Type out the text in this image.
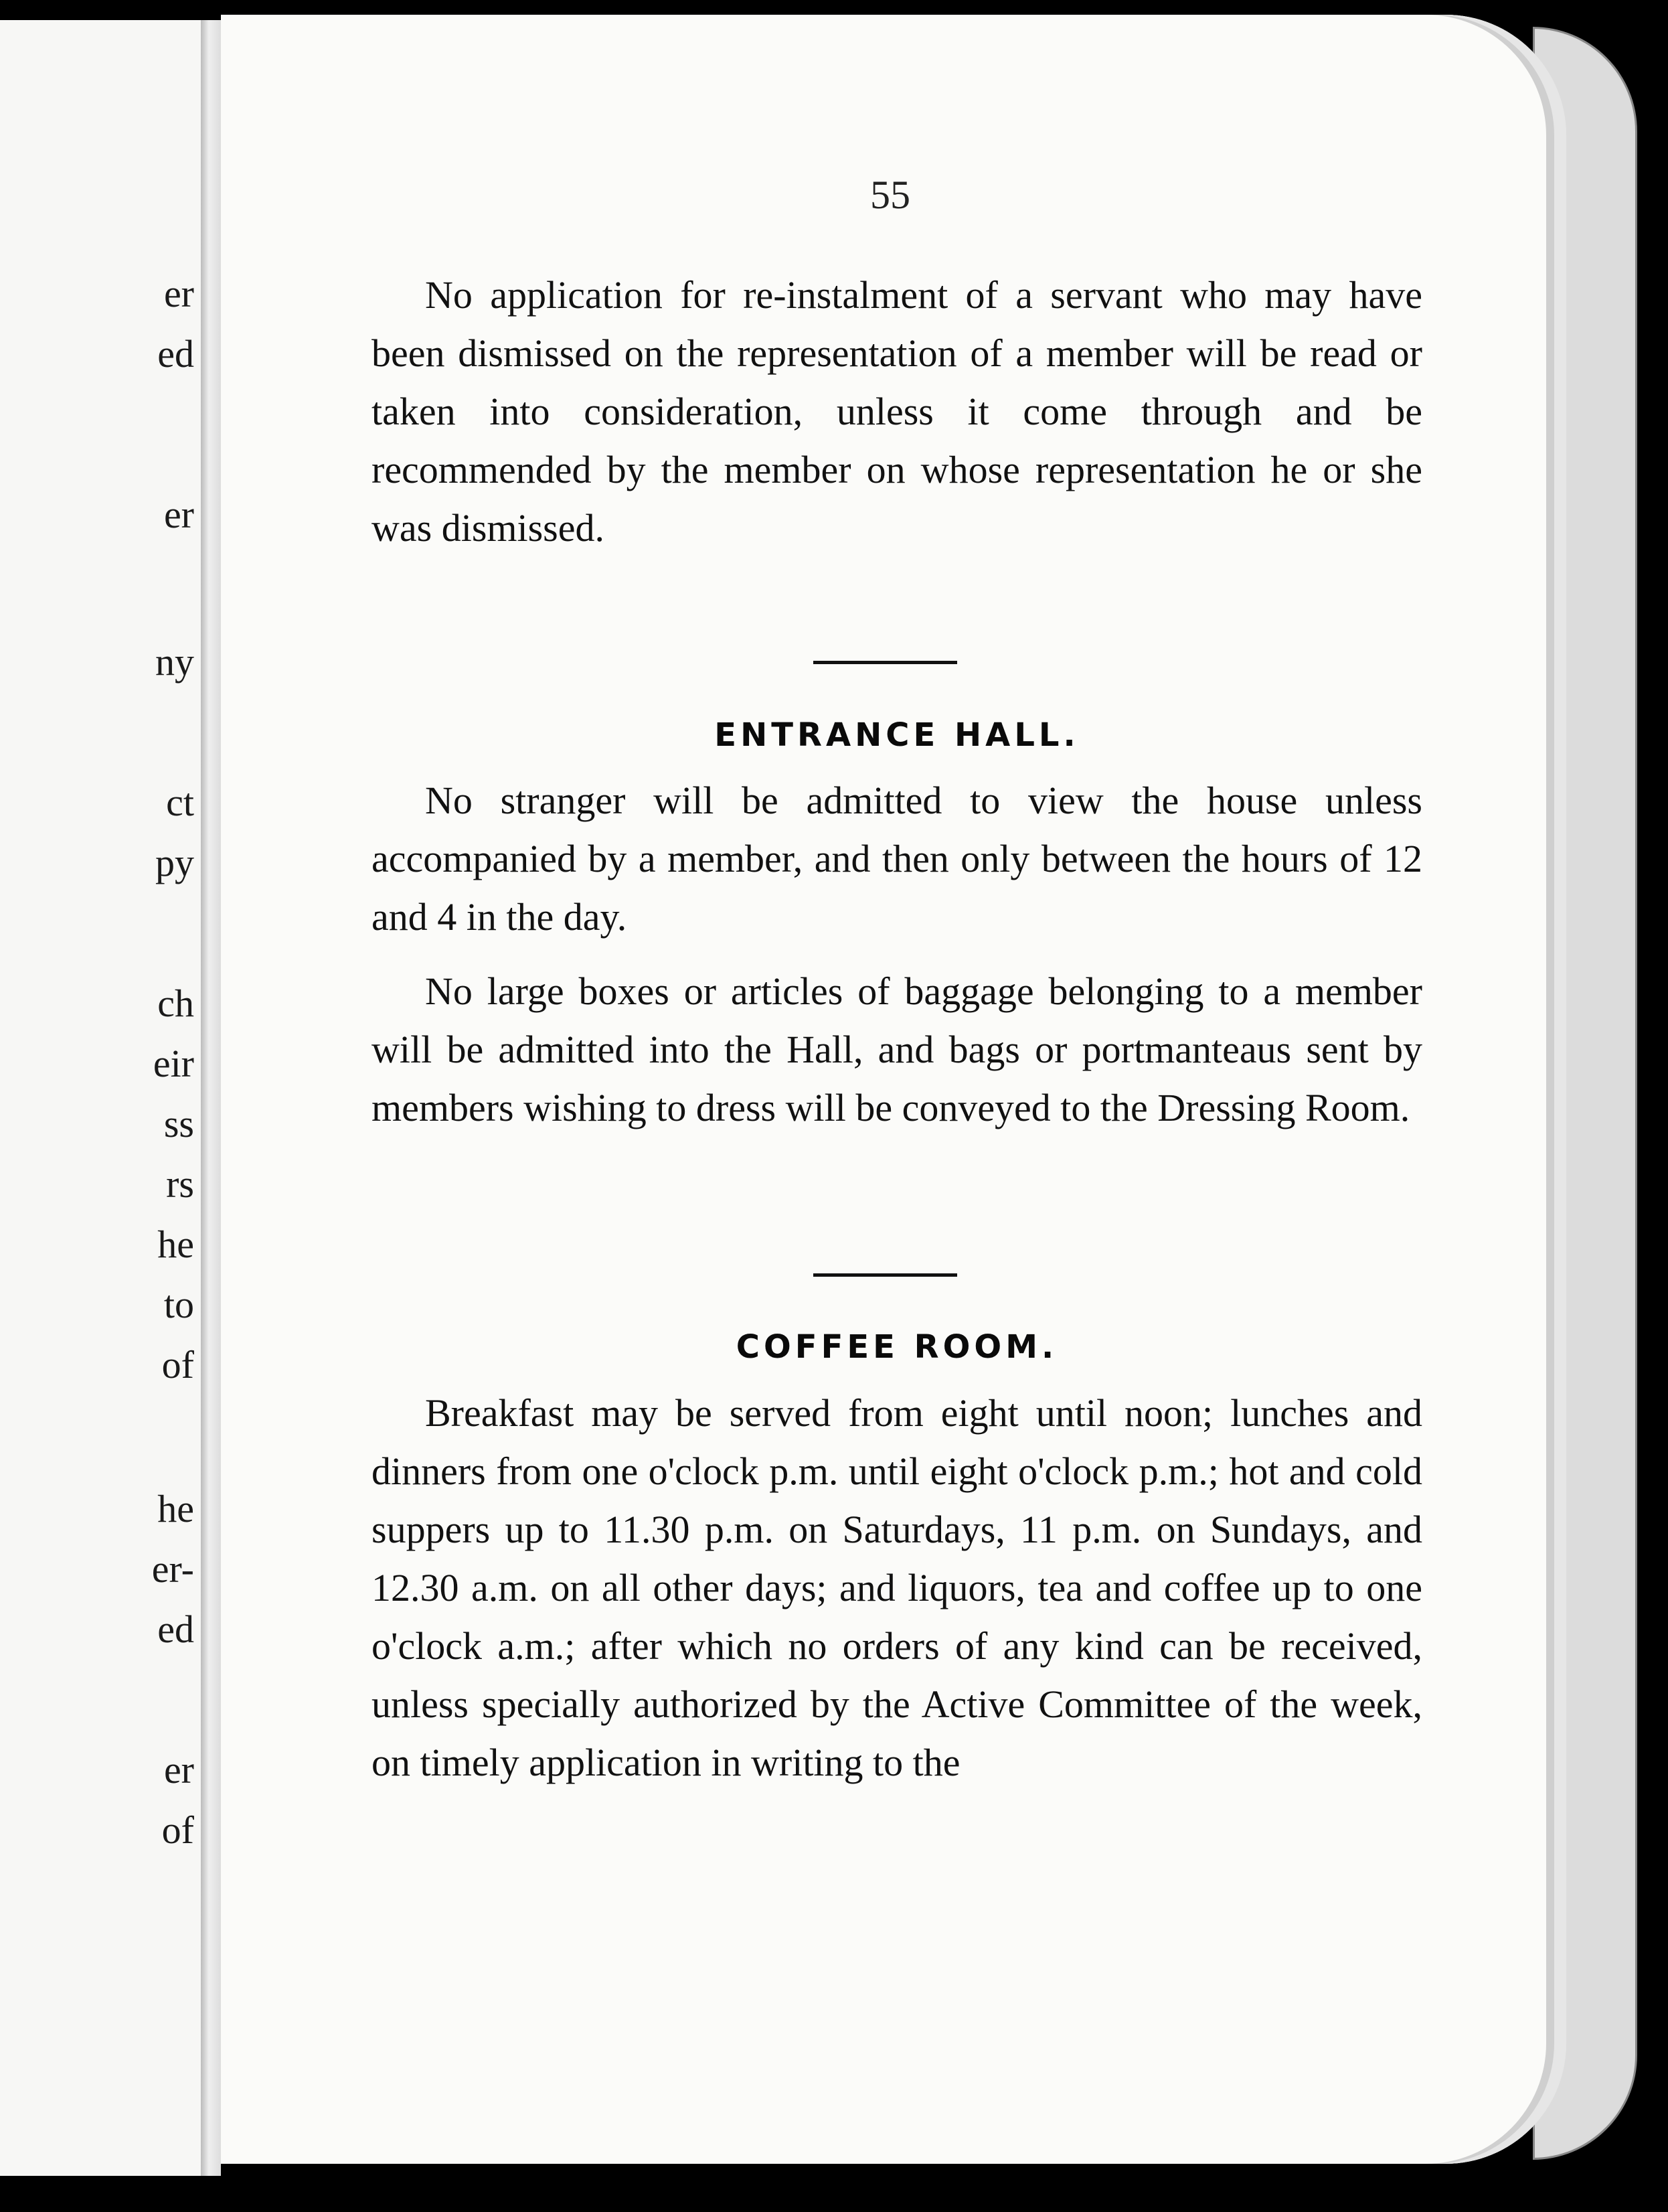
er
ed
er
ny
ct
py
ch
eir
ss
rs
he
to
of
he
er-
ed
er
of
55

No application for re-instalment of a servant who may have been dismissed on the representation of a member will be read or taken into consideration, unless it come through and be recommended by the member on whose representation he or she was dismissed.

ENTRANCE HALL.

No stranger will be admitted to view the house unless accompanied by a member, and then only between the hours of 12 and 4 in the day.

No large boxes or articles of baggage belonging to a member will be admitted into the Hall, and bags or portmanteaus sent by members wishing to dress will be conveyed to the Dressing Room.

COFFEE ROOM.

Breakfast may be served from eight until noon; lunches and dinners from one o'clock p.m. until eight o'clock p.m.; hot and cold suppers up to 11.30 p.m. on Saturdays, 11 p.m. on Sundays, and 12.30 a.m. on all other days; and liquors, tea and coffee up to one o'clock a.m.; after which no orders of any kind can be received, unless specially authorized by the Active Committee of the week, on timely application in writing to the
